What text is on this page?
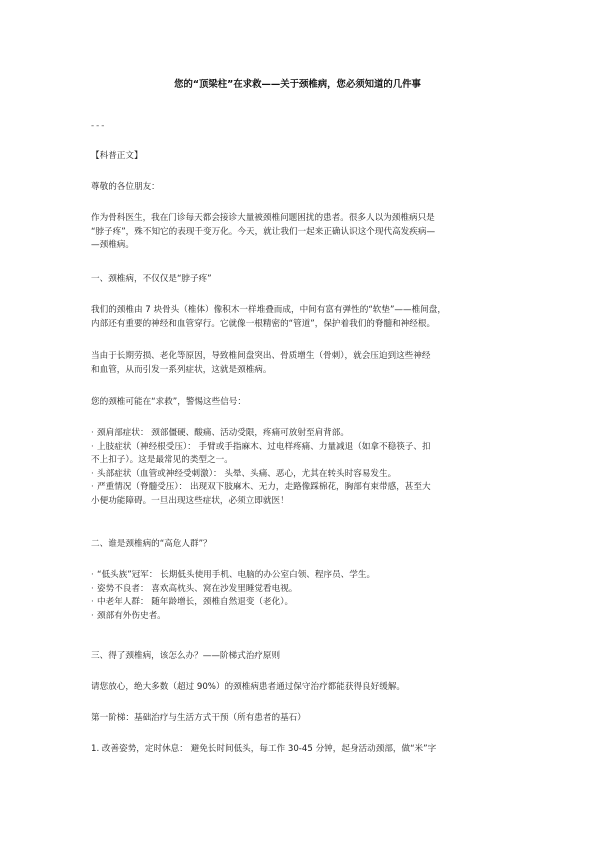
您的“顶梁柱”在求救——关于颈椎病，您必须知道的几件事

---

【科普正文】

尊敬的各位朋友：

作为骨科医生，我在门诊每天都会接诊大量被颈椎问题困扰的患者。很多人以为颈椎病只是
“脖子疼”，殊不知它的表现千变万化。今天，就让我们一起来正确认识这个现代高发疾病—
—颈椎病。

一、颈椎病，不仅仅是“脖子疼”

我们的颈椎由 7 块骨头（椎体）像积木一样堆叠而成，中间有富有弹性的“软垫”——椎间盘，
内部还有重要的神经和血管穿行。它就像一根精密的“管道”，保护着我们的脊髓和神经根。
当由于长期劳损、老化等原因，导致椎间盘突出、骨质增生（骨刺），就会压迫到这些神经
和血管，从而引发一系列症状，这就是颈椎病。

您的颈椎可能在“求救”，警惕这些信号：

· 颈肩部症状： 颈部僵硬、酸痛、活动受限，疼痛可放射至肩背部。
· 上肢症状（神经根受压）： 手臂或手指麻木、过电样疼痛、力量减退（如拿不稳筷子、扣
不上扣子）。这是最常见的类型之一。
· 头部症状（血管或神经受刺激）： 头晕、头痛、恶心，尤其在转头时容易发生。
· 严重情况（脊髓受压）： 出现双下肢麻木、无力，走路像踩棉花，胸部有束带感，甚至大
小便功能障碍。一旦出现这些症状，必须立即就医！

二、谁是颈椎病的“高危人群”？

· “低头族”冠军： 长期低头使用手机、电脑的办公室白领、程序员、学生。
· 姿势不良者： 喜欢高枕头、窝在沙发里睡觉看电视。
· 中老年人群： 随年龄增长，颈椎自然退变（老化）。
· 颈部有外伤史者。

三、得了颈椎病，该怎么办？——阶梯式治疗原则

请您放心，绝大多数（超过 90%）的颈椎病患者通过保守治疗都能获得良好缓解。

第一阶梯：基础治疗与生活方式干预（所有患者的基石）

1. 改善姿势，定时休息： 避免长时间低头，每工作 30-45 分钟，起身活动颈部，做“米”字
